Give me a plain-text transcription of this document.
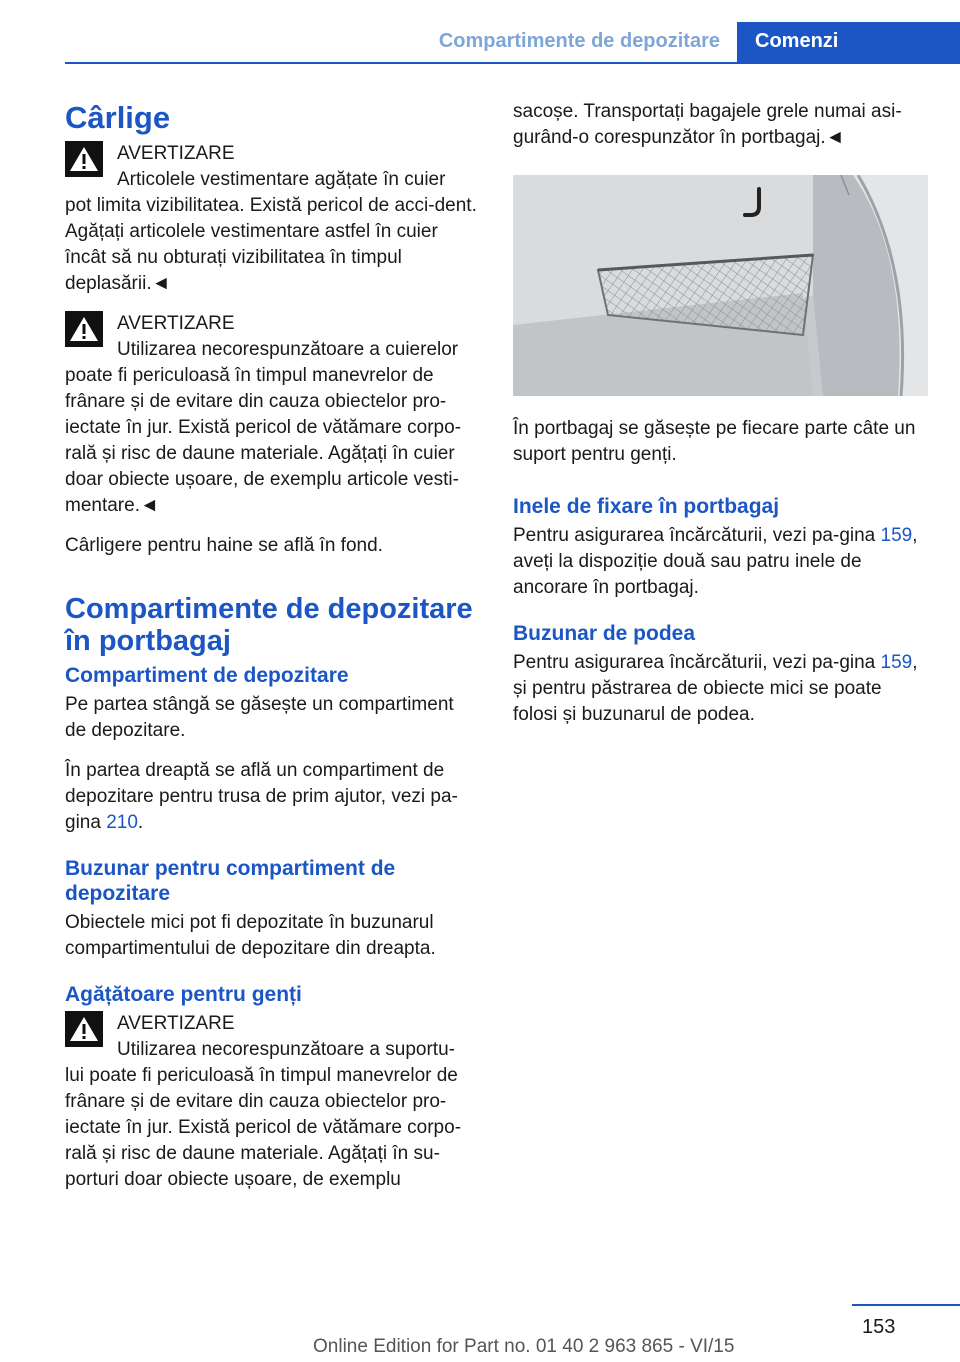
Compartimente de depozitare	Comenzi
Cârlige
AVERTIZARE
Articolele vestimentare agățate în cuier
pot limita vizibilitatea. Există pericol de acci-dent. Agățați articolele vestimentare astfel în cuier încât să nu obturați vizibilitatea în timpul deplasării.◄
AVERTIZARE
Utilizarea necorespunzătoare a cuierelor
poate fi periculoasă în timpul manevrelor de frânare și de evitare din cauza obiectelor pro-iectate în jur. Există pericol de vătămare corpo-rală și risc de daune materiale. Agățați în cuier doar obiecte ușoare, de exemplu articole vesti-mentare.◄

Cârligere pentru haine se află în fond.

Compartimente de depozitare în portbagaj
Compartiment de depozitare

Pe partea stângă se găsește un compartiment de depozitare.

În partea dreaptă se află un compartiment de depozitare pentru trusa de prim ajutor, vezi pa-gina 210.

Buzunar pentru compartiment de depozitare

Obiectele mici pot fi depozitate în buzunarul compartimentului de depozitare din dreapta.

Agățătoare pentru genți
AVERTIZARE
Utilizarea necorespunzătoare a suportu-
lui poate fi periculoasă în timpul manevrelor de frânare și de evitare din cauza obiectelor pro-iectate în jur. Există pericol de vătămare corpo-rală și risc de daune materiale. Agățați în su-porturi doar obiecte ușoare, de exemplu

sacoșe. Transportați bagajele grele numai asi-gurând-o corespunzător în portbagaj.◄

În portbagaj se găsește pe fiecare parte câte un suport pentru genți.

Inele de fixare în portbagaj

Pentru asigurarea încărcăturii, vezi pa-gina 159, aveți la dispoziție două sau patru inele de ancorare în portbagaj.

Buzunar de podea

Pentru asigurarea încărcăturii, vezi pa-gina 159, și pentru păstrarea de obiecte mici se poate folosi și buzunarul de podea.

153
Online Edition for Part no. 01 40 2 963 865 - VI/15
